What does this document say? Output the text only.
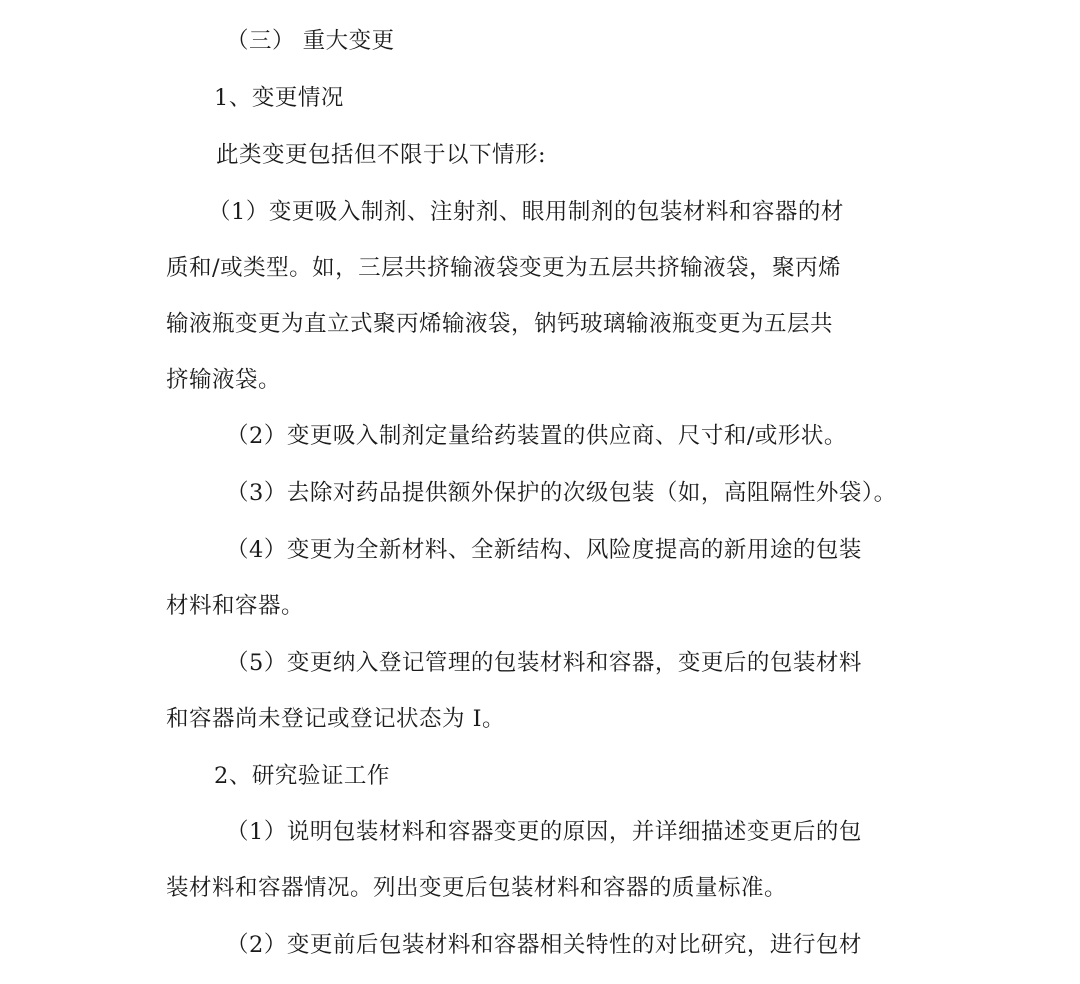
（三） 重大变更
1、变更情况
此类变更包括但不限于以下情形:
（1）变更吸入制剂、注射剂、眼用制剂的包装材料和容器的材
质和/或类型。如，三层共挤输液袋变更为五层共挤输液袋，聚丙烯
输液瓶变更为直立式聚丙烯输液袋，钠钙玻璃输液瓶变更为五层共
挤输液袋。
（2）变更吸入制剂定量给药装置的供应商、尺寸和/或形状。
（3）去除对药品提供额外保护的次级包装（如，高阻隔性外袋）。
（4）变更为全新材料、全新结构、风险度提高的新用途的包装
材料和容器。
（5）变更纳入登记管理的包装材料和容器，变更后的包装材料
和容器尚未登记或登记状态为 I。
2、研究验证工作
（1）说明包装材料和容器变更的原因，并详细描述变更后的包
装材料和容器情况。列出变更后包装材料和容器的质量标准。
（2）变更前后包装材料和容器相关特性的对比研究，进行包材
